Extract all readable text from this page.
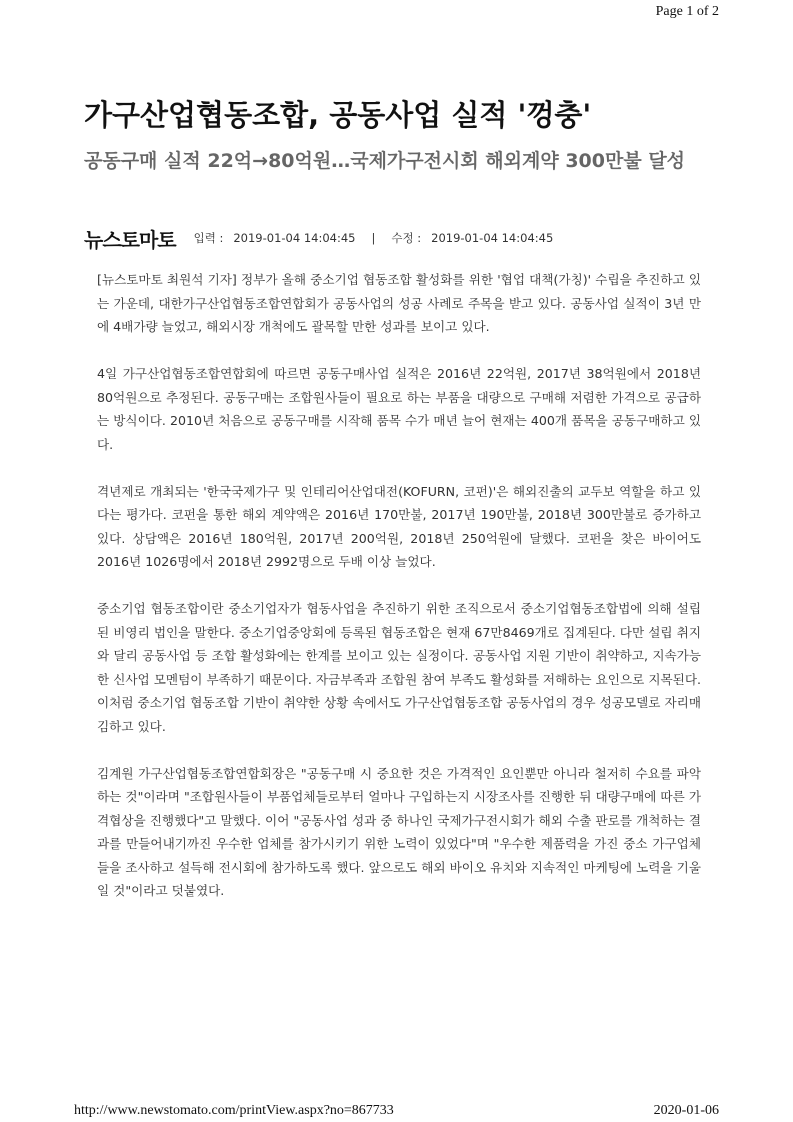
Page 1 of 2
가구산업협동조합, 공동사업 실적 '껑충'
공동구매 실적 22억→80억원…국제가구전시회 해외계약 300만불 달성
뉴스토마토 입력 : 2019-01-04 14:04:45 | 수정 : 2019-01-04 14:04:45

[뉴스토마토 최원석 기자] 정부가 올해 중소기업 협동조합 활성화를 위한 '협업 대책(가칭)' 수립을 추진하고 있는 가운데, 대한가구산업협동조합연합회가 공동사업의 성공 사례로 주목을 받고 있다. 공동사업 실적이 3년 만에 4배가량 늘었고, 해외시장 개척에도 괄목할 만한 성과를 보이고 있다.

4일 가구산업협동조합연합회에 따르면 공동구매사업 실적은 2016년 22억원, 2017년 38억원에서 2018년 80억원으로 추정된다. 공동구매는 조합원사들이 필요로 하는 부품을 대량으로 구매해 저렴한 가격으로 공급하는 방식이다. 2010년 처음으로 공동구매를 시작해 품목 수가 매년 늘어 현재는 400개 품목을 공동구매하고 있다.

격년제로 개최되는 '한국국제가구 및 인테리어산업대전(KOFURN, 코펀)'은 해외진출의 교두보 역할을 하고 있다는 평가다. 코펀을 통한 해외 계약액은 2016년 170만불, 2017년 190만불, 2018년 300만불로 증가하고 있다. 상담액은 2016년 180억원, 2017년 200억원, 2018년 250억원에 달했다. 코펀을 찾은 바이어도 2016년 1026명에서 2018년 2992명으로 두배 이상 늘었다.

중소기업 협동조합이란 중소기업자가 협동사업을 추진하기 위한 조직으로서 중소기업협동조합법에 의해 설립된 비영리 법인을 말한다. 중소기업중앙회에 등록된 협동조합은 현재 67만8469개로 집계된다. 다만 설립 취지와 달리 공동사업 등 조합 활성화에는 한계를 보이고 있는 실정이다. 공동사업 지원 기반이 취약하고, 지속가능한 신사업 모멘텀이 부족하기 때문이다. 자금부족과 조합원 참여 부족도 활성화를 저해하는 요인으로 지목된다. 이처럼 중소기업 협동조합 기반이 취약한 상황 속에서도 가구산업협동조합 공동사업의 경우 성공모델로 자리매김하고 있다.

김계원 가구산업협동조합연합회장은 "공동구매 시 중요한 것은 가격적인 요인뿐만 아니라 철저히 수요를 파악하는 것"이라며 "조합원사들이 부품업체들로부터 얼마나 구입하는지 시장조사를 진행한 뒤 대량구매에 따른 가격협상을 진행했다"고 말했다. 이어 "공동사업 성과 중 하나인 국제가구전시회가 해외 수출 판로를 개척하는 결과를 만들어내기까진 우수한 업체를 참가시키기 위한 노력이 있었다"며 "우수한 제품력을 가진 중소 가구업체들을 조사하고 설득해 전시회에 참가하도록 했다. 앞으로도 해외 바이오 유치와 지속적인 마케팅에 노력을 기울일 것"이라고 덧붙였다.

http://www.newstomato.com/printView.aspx?no=867733	2020-01-06
